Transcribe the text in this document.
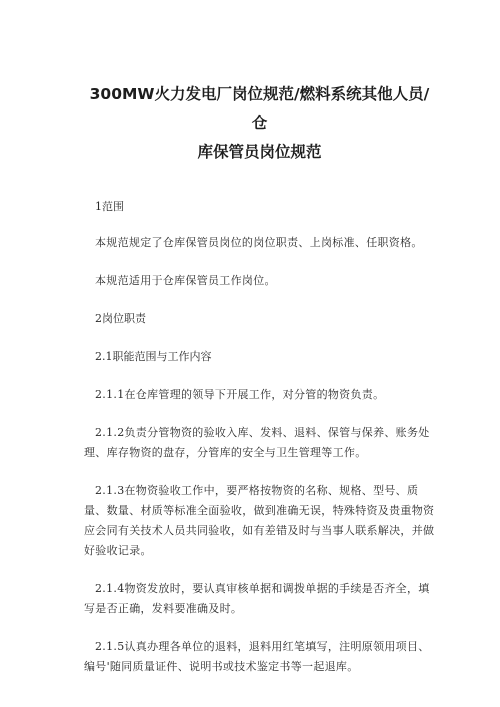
300MW火力发电厂岗位规范/燃料系统其他人员/仓
库保管员岗位规范

1范围

本规范规定了仓库保管员岗位的岗位职责、上岗标准、任职资格。

本规范适用于仓库保管员工作岗位。

2岗位职责

2.1职能范围与工作内容

2.1.1在仓库管理的领导下开展工作，对分管的物资负责。

2.1.2负责分管物资的验收入库、发料、退料、保管与保养、账务处理、库存物资的盘存，分管库的安全与卫生管理等工作。

2.1.3在物资验收工作中，要严格按物资的名称、规格、型号、质量、数量、材质等标准全面验收，做到准确无误，特殊特资及贵重物资应会同有关技术人员共同验收，如有差错及时与当事人联系解决，并做好验收记录。

2.1.4物资发放时，要认真审核单据和调拨单据的手续是否齐全，填写是否正确，发料要准确及时。

2.1.5认真办理各单位的退料，退料用红笔填写，注明原领用项目、编号'随同质量证件、说明书或技术鉴定书等一起退库。
